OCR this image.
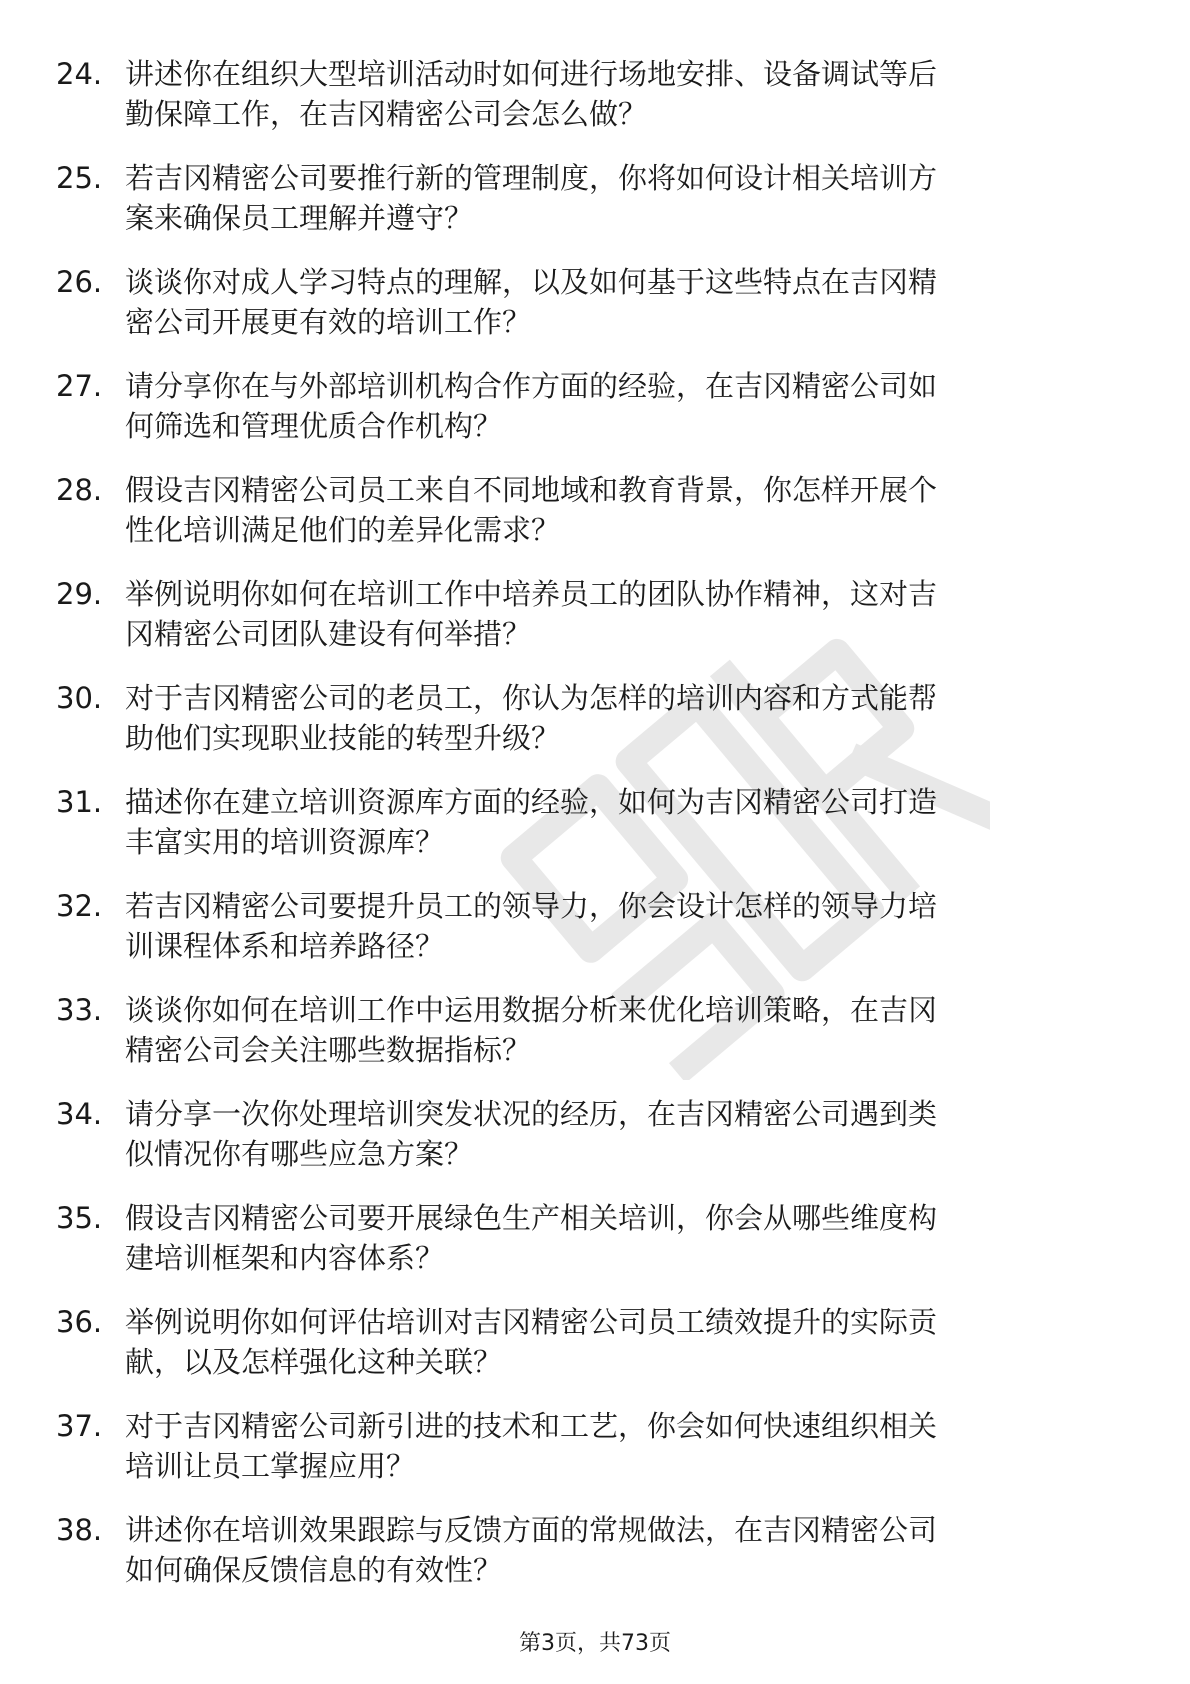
24. 讲述你在组织大型培训活动时如何进行场地安排、设备调试等后
勤保障工作，在吉冈精密公司会怎么做？
25. 若吉冈精密公司要推行新的管理制度，你将如何设计相关培训方
案来确保员工理解并遵守？
26. 谈谈你对成人学习特点的理解，以及如何基于这些特点在吉冈精
密公司开展更有效的培训工作？
27. 请分享你在与外部培训机构合作方面的经验，在吉冈精密公司如
何筛选和管理优质合作机构？
28. 假设吉冈精密公司员工来自不同地域和教育背景，你怎样开展个
性化培训满足他们的差异化需求？
29. 举例说明你如何在培训工作中培养员工的团队协作精神，这对吉
冈精密公司团队建设有何举措？
30. 对于吉冈精密公司的老员工，你认为怎样的培训内容和方式能帮
助他们实现职业技能的转型升级？
31. 描述你在建立培训资源库方面的经验，如何为吉冈精密公司打造
丰富实用的培训资源库？
32. 若吉冈精密公司要提升员工的领导力，你会设计怎样的领导力培
训课程体系和培养路径？
33. 谈谈你如何在培训工作中运用数据分析来优化培训策略，在吉冈
精密公司会关注哪些数据指标？
34. 请分享一次你处理培训突发状况的经历，在吉冈精密公司遇到类
似情况你有哪些应急方案？
35. 假设吉冈精密公司要开展绿色生产相关培训，你会从哪些维度构
建培训框架和内容体系？
36. 举例说明你如何评估培训对吉冈精密公司员工绩效提升的实际贡
献，以及怎样强化这种关联？
37. 对于吉冈精密公司新引进的技术和工艺，你会如何快速组织相关
培训让员工掌握应用？
38. 讲述你在培训效果跟踪与反馈方面的常规做法，在吉冈精密公司
如何确保反馈信息的有效性？
第3页，共73页
